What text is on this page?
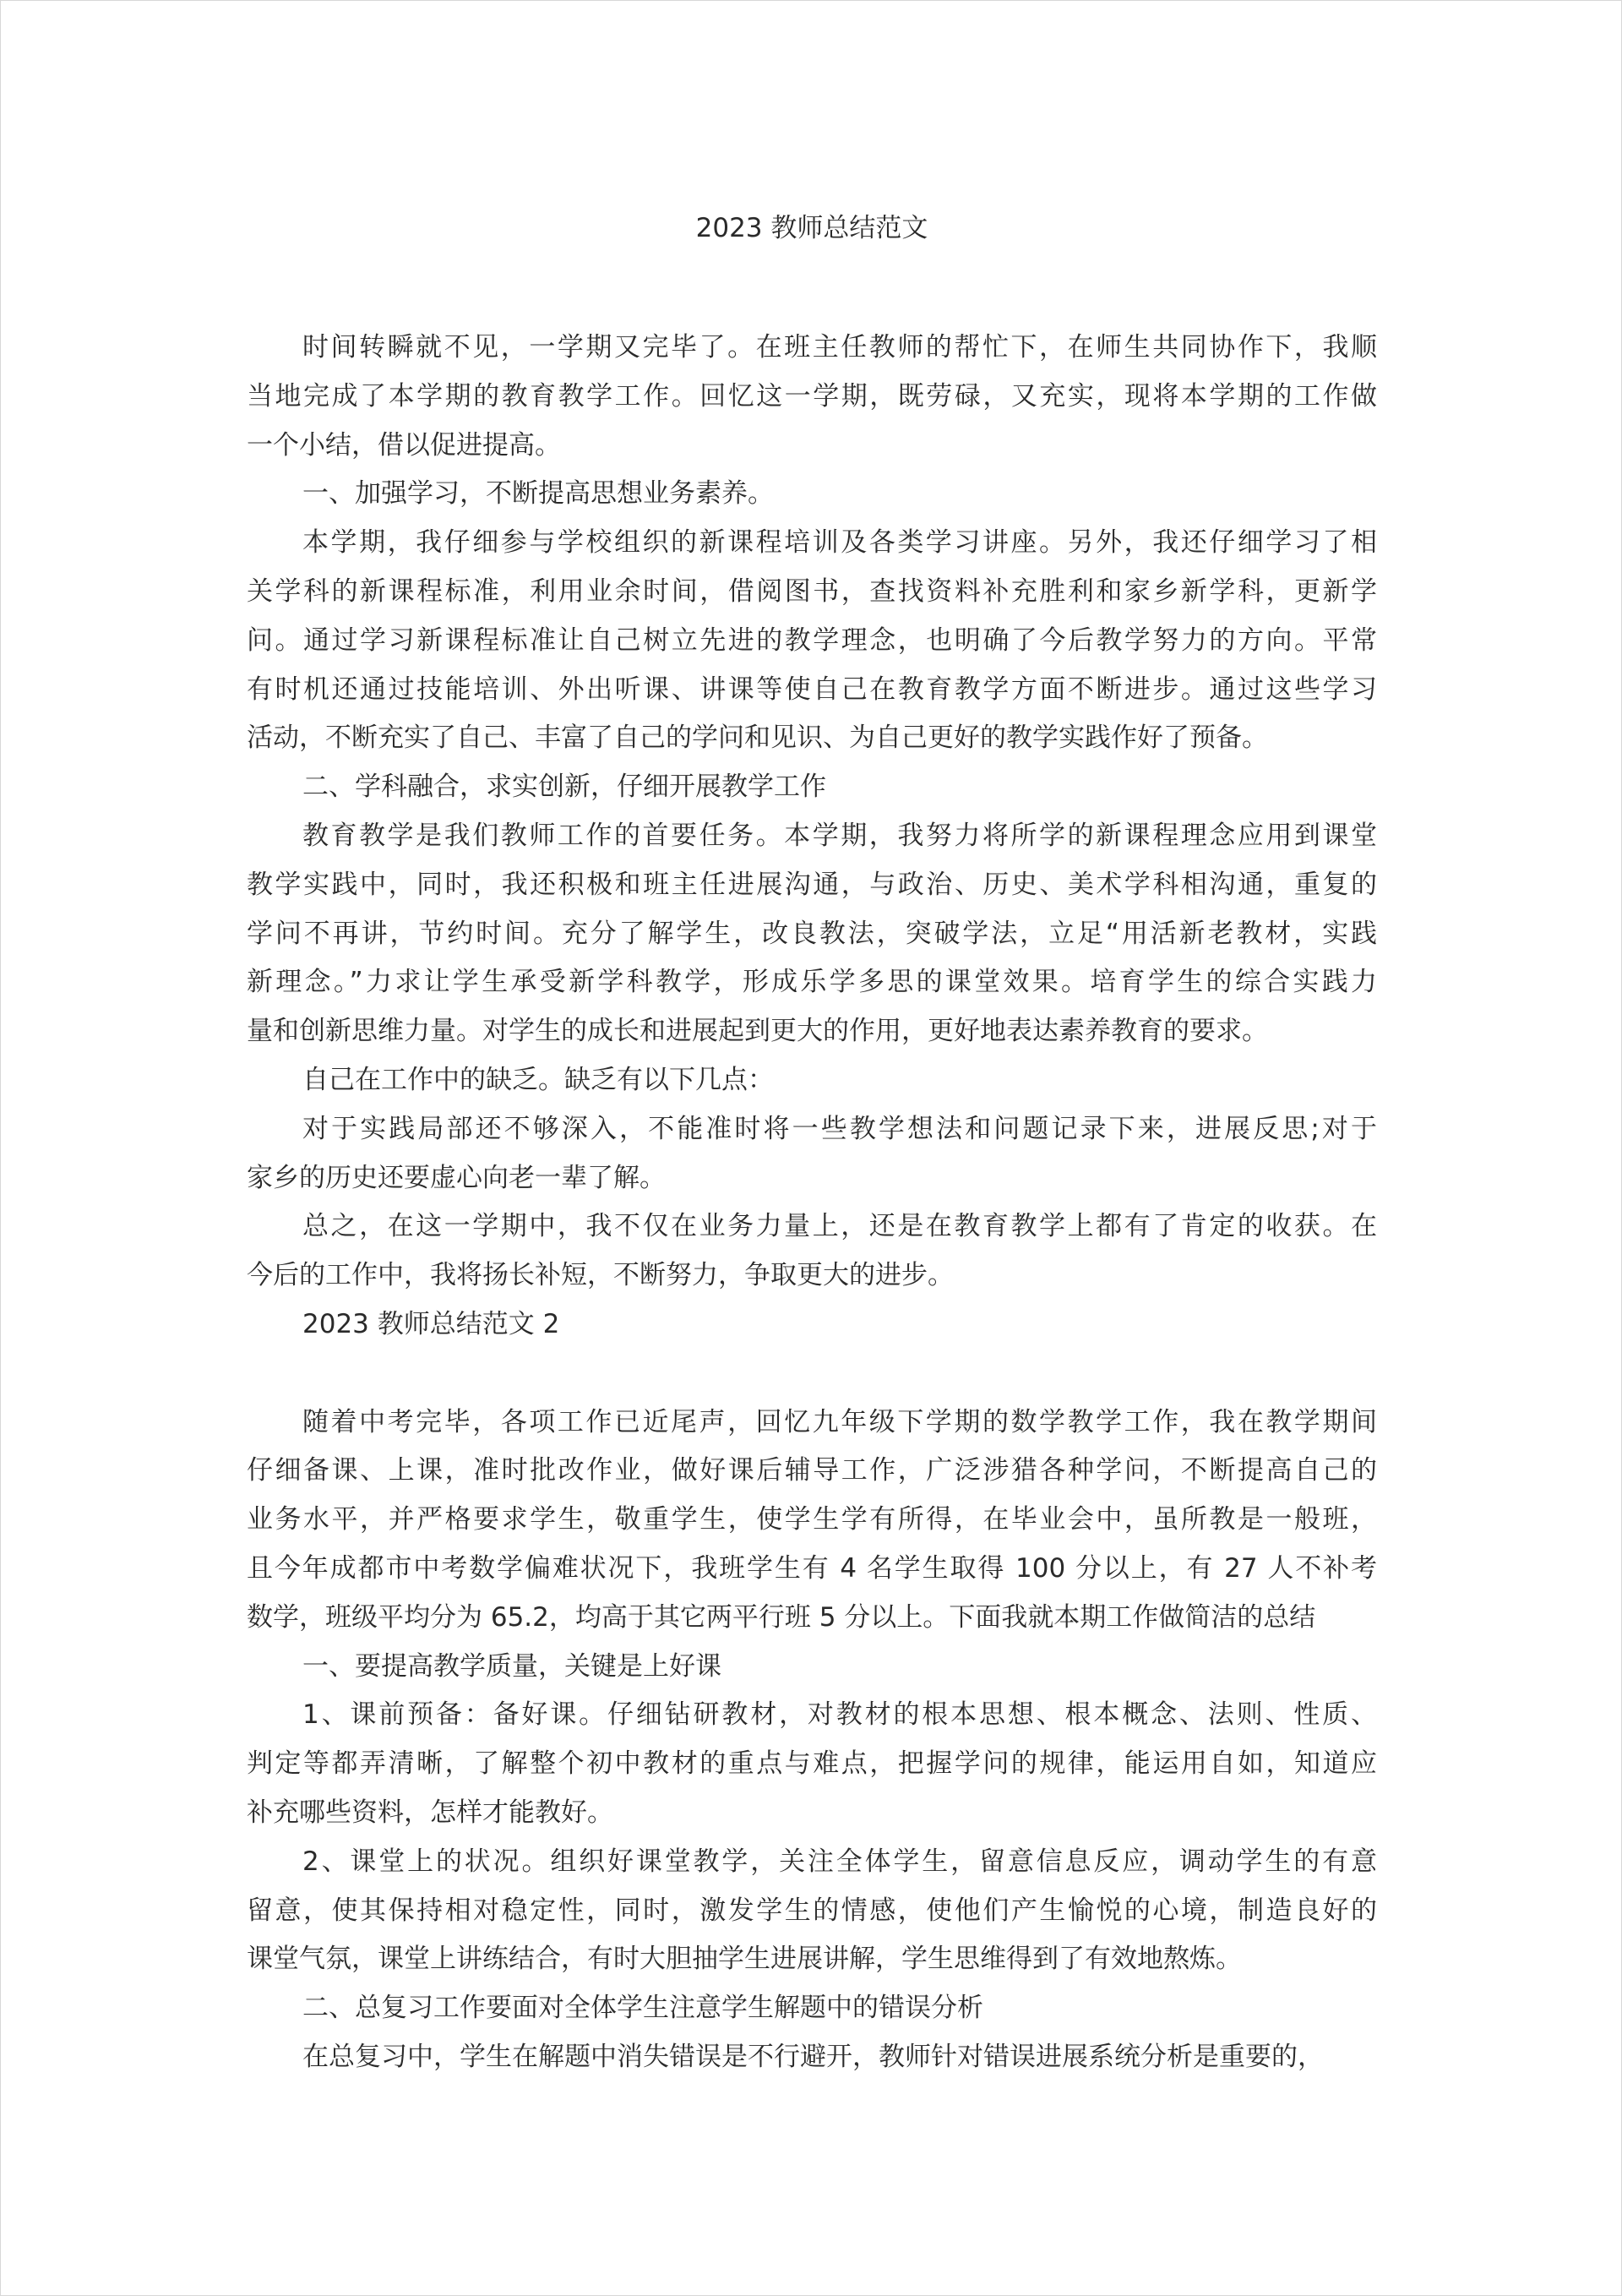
2023 教师总结范文
时间转瞬就不见，一学期又完毕了。在班主任教师的帮忙下，在师生共同协作下，我顺
当地完成了本学期的教育教学工作。回忆这一学期，既劳碌，又充实，现将本学期的工作做
一个小结，借以促进提高。
一、加强学习，不断提高思想业务素养。
本学期，我仔细参与学校组织的新课程培训及各类学习讲座。另外，我还仔细学习了相
关学科的新课程标准，利用业余时间，借阅图书，查找资料补充胜利和家乡新学科，更新学
问。通过学习新课程标准让自己树立先进的教学理念，也明确了今后教学努力的方向。平常
有时机还通过技能培训、外出听课、讲课等使自己在教育教学方面不断进步。通过这些学习
活动，不断充实了自己、丰富了自己的学问和见识、为自己更好的教学实践作好了预备。
二、学科融合，求实创新，仔细开展教学工作
教育教学是我们教师工作的首要任务。本学期，我努力将所学的新课程理念应用到课堂
教学实践中，同时，我还积极和班主任进展沟通，与政治、历史、美术学科相沟通，重复的
学问不再讲，节约时间。充分了解学生，改良教法，突破学法，立足“用活新老教材，实践
新理念。”力求让学生承受新学科教学，形成乐学多思的课堂效果。培育学生的综合实践力
量和创新思维力量。对学生的成长和进展起到更大的作用，更好地表达素养教育的要求。
自己在工作中的缺乏。缺乏有以下几点：
对于实践局部还不够深入，不能准时将一些教学想法和问题记录下来，进展反思;对于
家乡的历史还要虚心向老一辈了解。
总之，在这一学期中，我不仅在业务力量上，还是在教育教学上都有了肯定的收获。在
今后的工作中，我将扬长补短，不断努力，争取更大的进步。
2023 教师总结范文 2
随着中考完毕，各项工作已近尾声，回忆九年级下学期的数学教学工作，我在教学期间
仔细备课、上课，准时批改作业，做好课后辅导工作，广泛涉猎各种学问，不断提高自己的
业务水平，并严格要求学生，敬重学生，使学生学有所得，在毕业会中，虽所教是一般班，
且今年成都市中考数学偏难状况下，我班学生有 4 名学生取得 100 分以上，有 27 人不补考
数学，班级平均分为 65.2，均高于其它两平行班 5 分以上。下面我就本期工作做简洁的总结
一、要提高教学质量，关键是上好课
1、课前预备：备好课。仔细钻研教材，对教材的根本思想、根本概念、法则、性质、
判定等都弄清晰，了解整个初中教材的重点与难点，把握学问的规律，能运用自如，知道应
补充哪些资料，怎样才能教好。
2、课堂上的状况。组织好课堂教学，关注全体学生，留意信息反应，调动学生的有意
留意，使其保持相对稳定性，同时，激发学生的情感，使他们产生愉悦的心境，制造良好的
课堂气氛，课堂上讲练结合，有时大胆抽学生进展讲解，学生思维得到了有效地熬炼。
二、总复习工作要面对全体学生注意学生解题中的错误分析
在总复习中，学生在解题中消失错误是不行避开，教师针对错误进展系统分析是重要的，
